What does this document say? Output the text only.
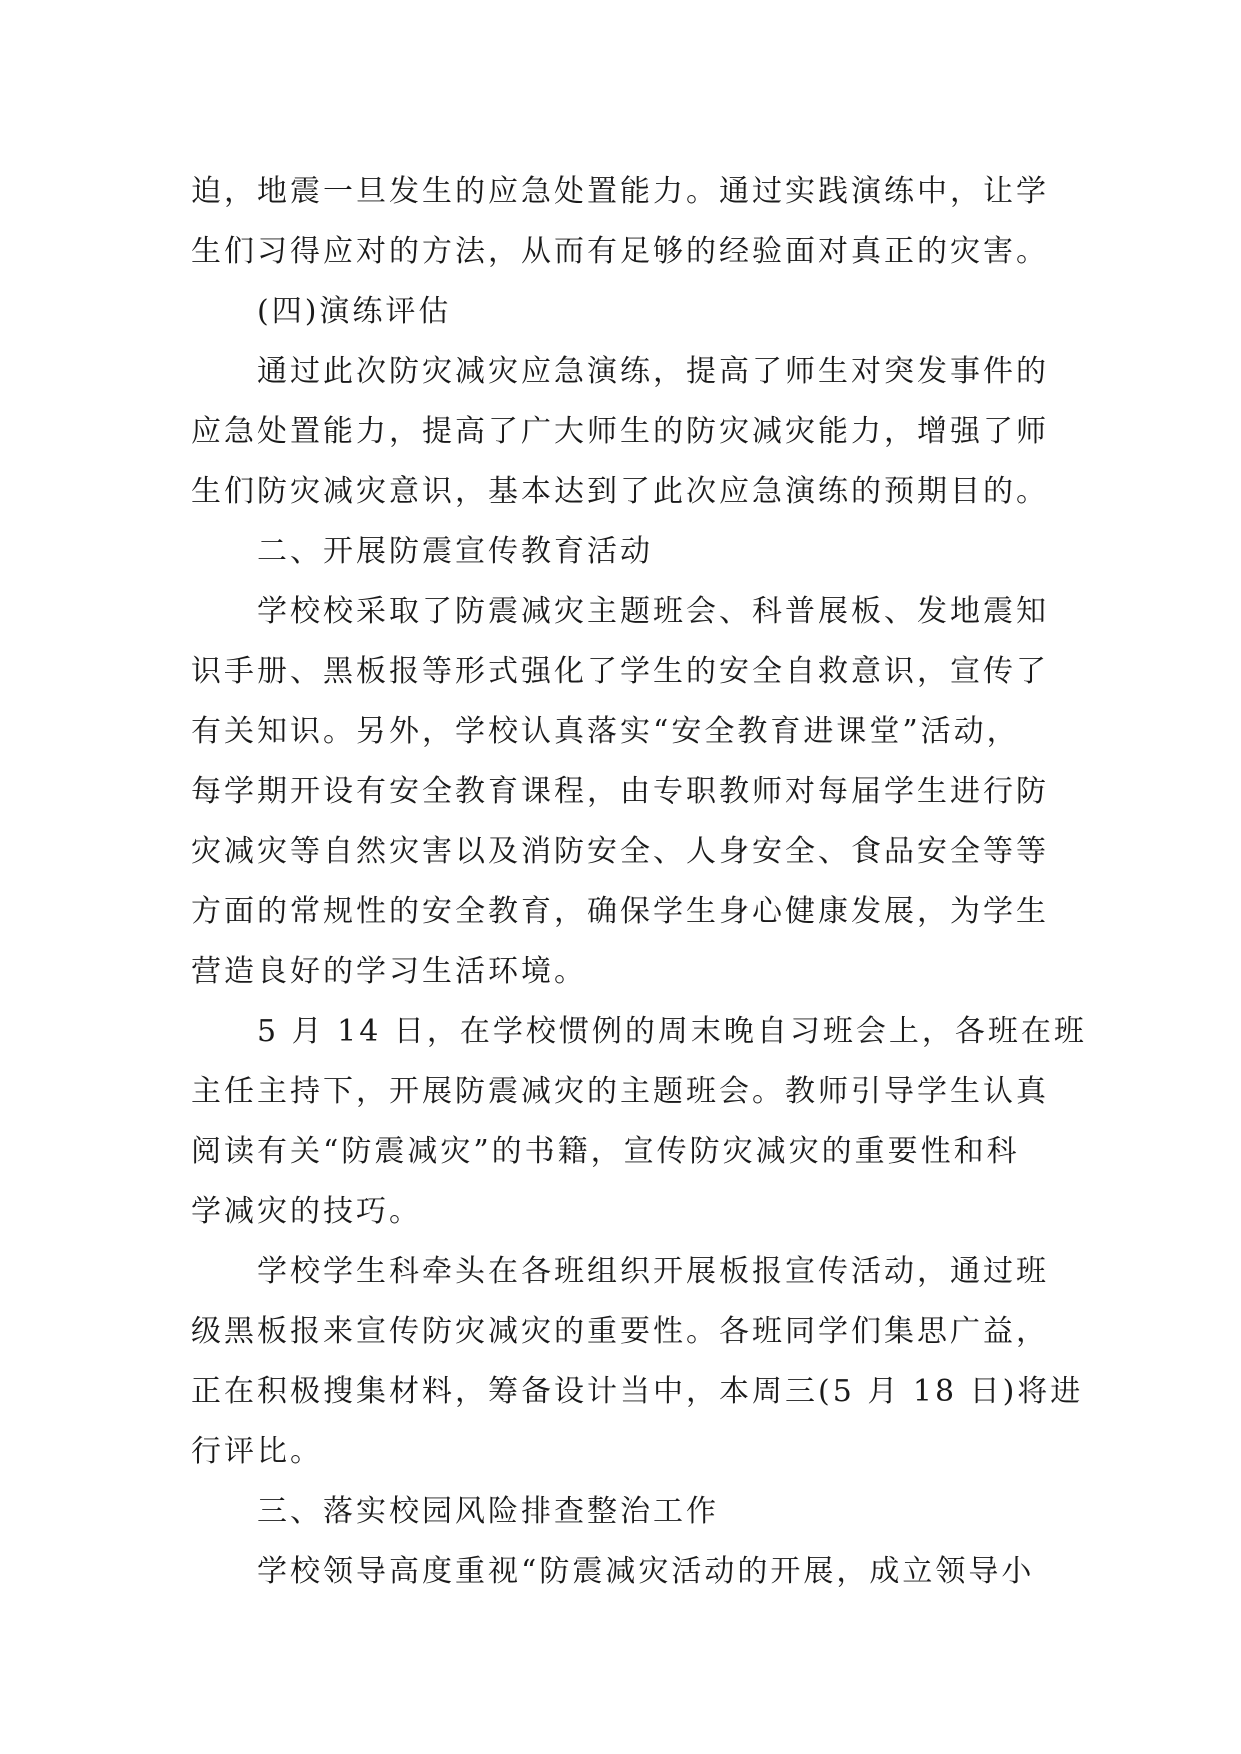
迫，地震一旦发生的应急处置能力。通过实践演练中，让学
生们习得应对的方法，从而有足够的经验面对真正的灾害。
(四)演练评估
通过此次防灾减灾应急演练，提高了师生对突发事件的
应急处置能力，提高了广大师生的防灾减灾能力，增强了师
生们防灾减灾意识，基本达到了此次应急演练的预期目的。
二、开展防震宣传教育活动
学校校采取了防震减灾主题班会、科普展板、发地震知
识手册、黑板报等形式强化了学生的安全自救意识，宣传了
有关知识。另外，学校认真落实“安全教育进课堂”活动，
每学期开设有安全教育课程，由专职教师对每届学生进行防
灾减灾等自然灾害以及消防安全、人身安全、食品安全等等
方面的常规性的安全教育，确保学生身心健康发展，为学生
营造良好的学习生活环境。
5 月 14 日，在学校惯例的周末晚自习班会上，各班在班
主任主持下，开展防震减灾的主题班会。教师引导学生认真
阅读有关“防震减灾”的书籍，宣传防灾减灾的重要性和科
学减灾的技巧。
学校学生科牵头在各班组织开展板报宣传活动，通过班
级黑板报来宣传防灾减灾的重要性。各班同学们集思广益，
正在积极搜集材料，筹备设计当中，本周三(5 月 18 日)将进
行评比。
三、落实校园风险排查整治工作
学校领导高度重视“防震减灾活动的开展，成立领导小
